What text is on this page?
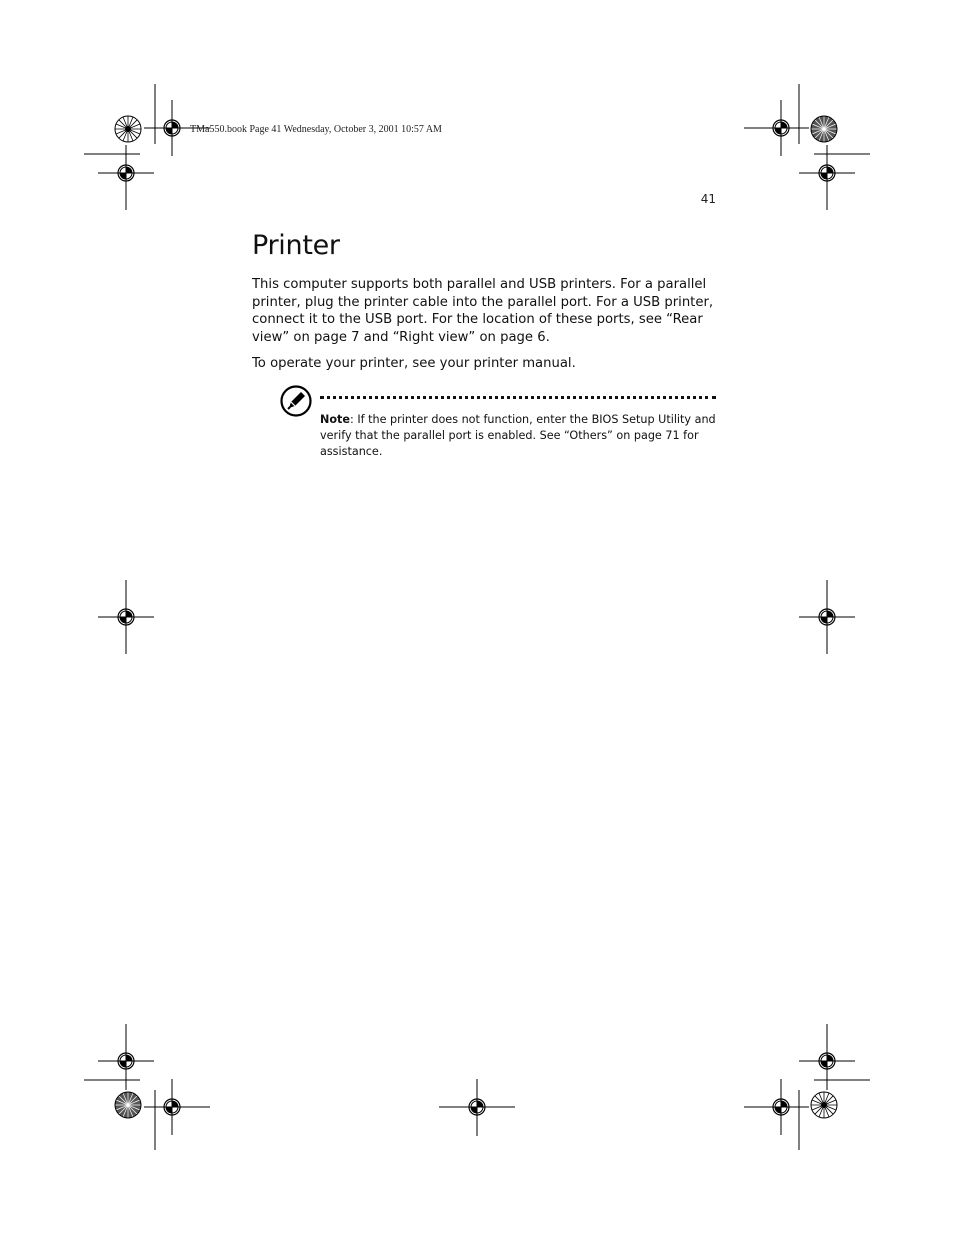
TMa550.book Page 41 Wednesday, October 3, 2001 10:57 AM
41
Printer

This computer supports both parallel and USB printers. For a parallel printer, plug the printer cable into the parallel port. For a USB printer, connect it to the USB port. For the location of these ports, see “Rear view” on page 7 and “Right view” on page 6.

To operate your printer, see your printer manual.

Note: If the printer does not function, enter the BIOS Setup Utility and verify that the parallel port is enabled. See “Others” on page 71 for assistance.
